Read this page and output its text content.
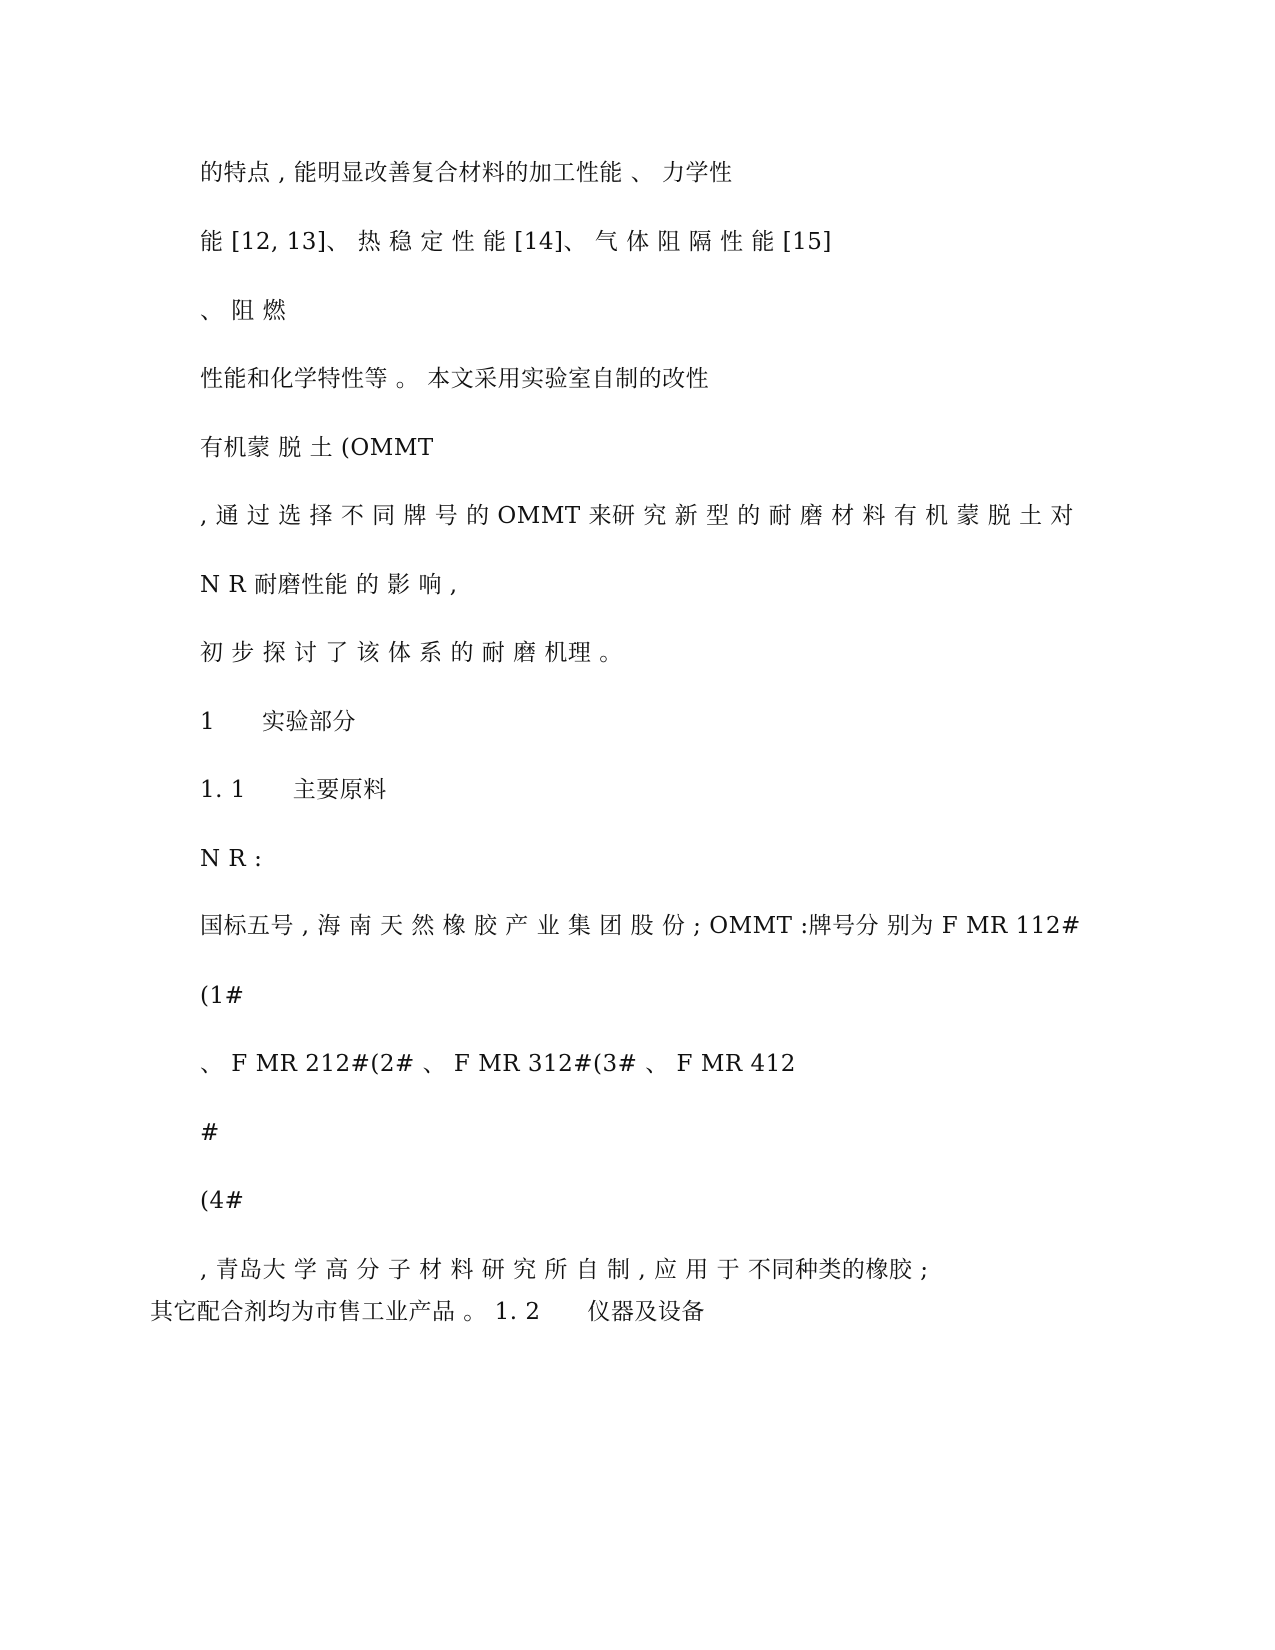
的特点 , 能明显改善复合材料的加工性能 、 力学性
能 [12, 13]、 热 稳 定 性 能 [14]、 气 体 阻 隔 性 能 [15]
、 阻 燃
性能和化学特性等 。 本文采用实验室自制的改性
有机蒙 脱 土 (OMMT
, 通 过 选 择 不 同 牌 号 的 OMMT 来研 究 新 型 的 耐 磨 材 料 有 机 蒙 脱 土 对
N R 耐磨性能 的 影 响 ,
初 步 探 讨 了 该 体 系 的 耐 磨 机理 。
1      实验部分
1. 1      主要原料
N R :
国标五号 , 海 南 天 然 橡 胶 产 业 集 团 股 份 ; OMMT :牌号分 别为 F MR 112#
(1#
、 F MR 212#(2# 、 F MR 312#(3# 、 F MR 412
#
(4#
, 青岛大 学 高 分 子 材 料 研 究 所 自 制 , 应 用 于 不同种类的橡胶 ;
其它配合剂均为市售工业产品 。 1. 2      仪器及设备
